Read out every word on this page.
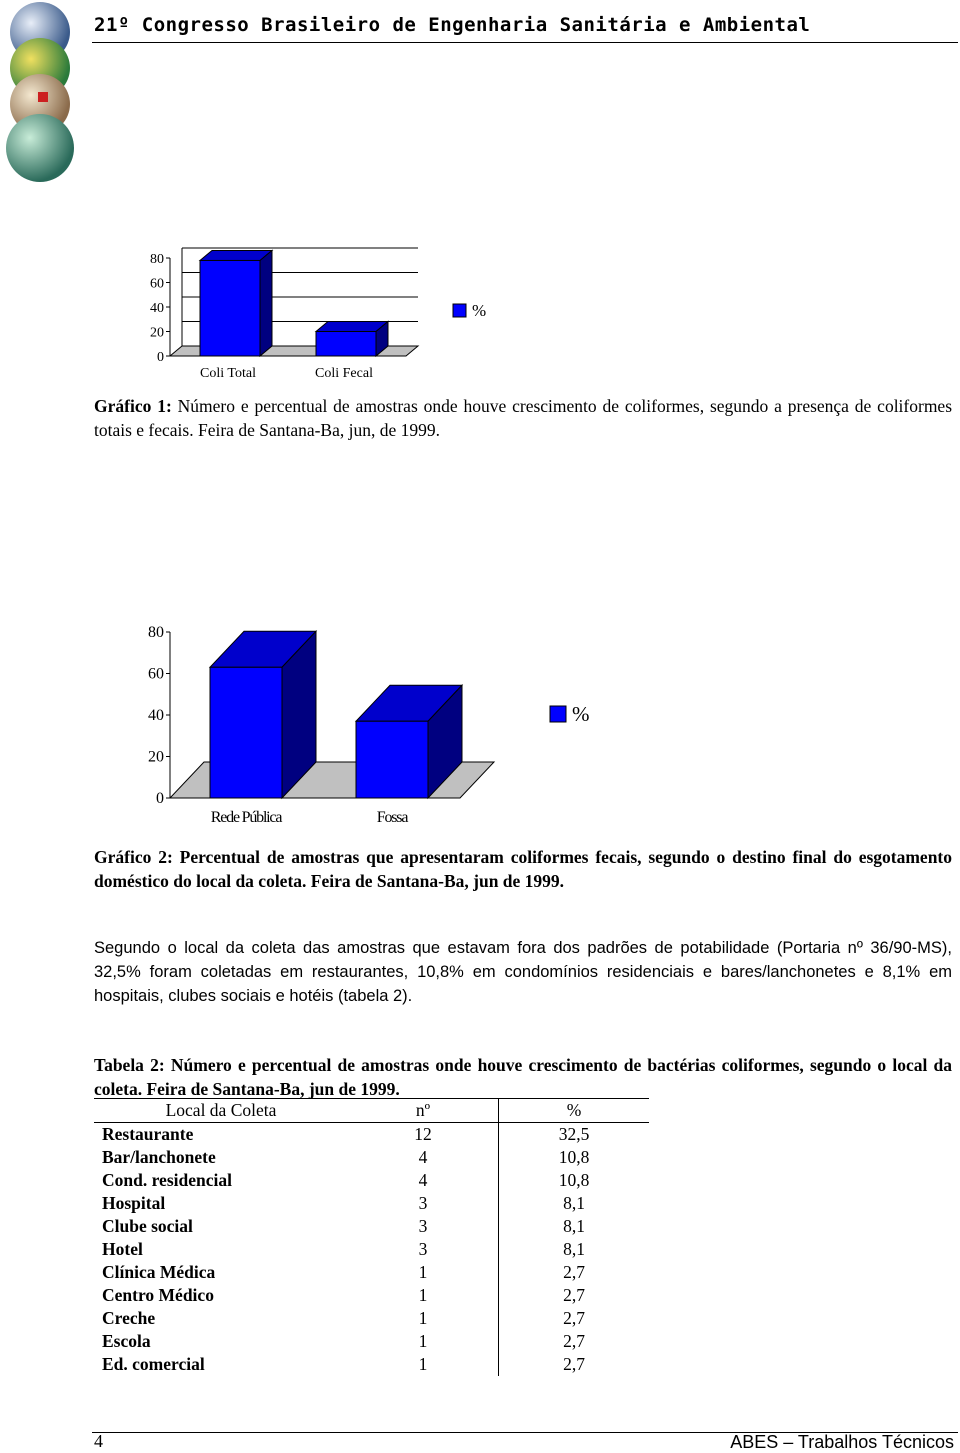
21º Congresso Brasileiro de Engenharia Sanitária e Ambiental
80
60
40
20
0
Coli Total	Coli Fecal
%
Gráfico 1: Número e percentual de amostras onde houve crescimento de coliformes, segundo a presença de coliformes totais e fecais. Feira de Santana-Ba, jun, de 1999.
80
60
40
20
0
Rede Pública	Fossa
%
Gráfico 2: Percentual de amostras que apresentaram coliformes fecais, segundo o destino final do esgotamento doméstico do local da coleta. Feira de Santana-Ba, jun de 1999.
Segundo o local da coleta das amostras que estavam fora dos padrões de potabilidade (Portaria nº 36/90-MS), 32,5% foram coletadas em restaurantes, 10,8% em condomínios residenciais e bares/lanchonetes e 8,1% em hospitais, clubes sociais e hotéis (tabela 2).
Tabela 2: Número e percentual de amostras onde houve crescimento de bactérias coliformes, segundo o local da coleta. Feira de Santana-Ba, jun de 1999.
Local da Coleta	nº	%
Restaurante	12	32,5
Bar/lanchonete	4	10,8
Cond. residencial	4	10,8
Hospital	3	8,1
Clube social	3	8,1
Hotel	3	8,1
Clínica Médica	1	2,7
Centro Médico	1	2,7
Creche	1	2,7
Escola	1	2,7
Ed. comercial	1	2,7
4	ABES – Trabalhos Técnicos
